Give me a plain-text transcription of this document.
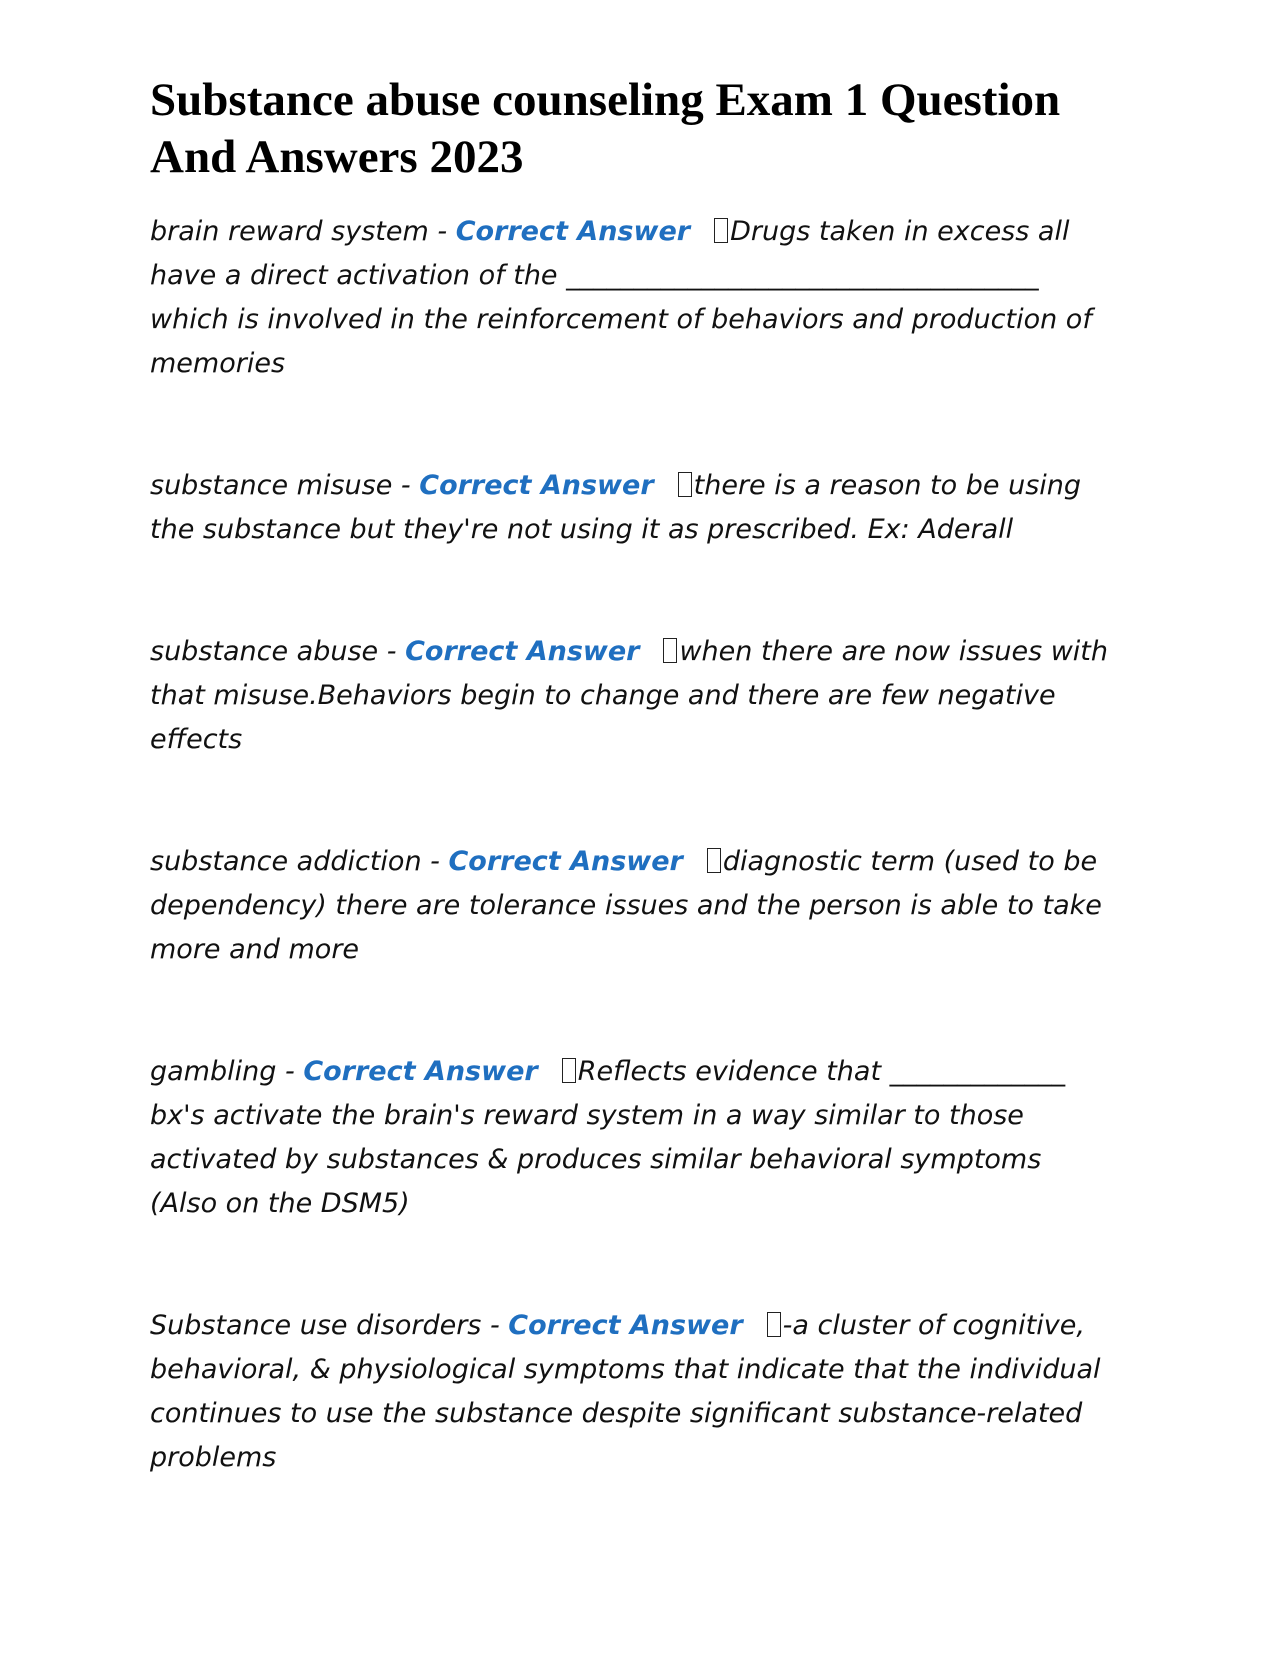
Substance abuse counseling Exam 1 Question And Answers 2023

brain reward system - Correct Answer Drugs taken in excess all have a direct activation of the ___________________________________ which is involved in the reinforcement of behaviors and production of memories

substance misuse - Correct Answer there is a reason to be using the substance but they're not using it as prescribed. Ex: Aderall

substance abuse - Correct Answer when there are now issues with that misuse.Behaviors begin to change and there are few negative effects

substance addiction - Correct Answer diagnostic term (used to be dependency) there are tolerance issues and the person is able to take more and more

gambling - Correct Answer Reflects evidence that _____________ bx's activate the brain's reward system in a way similar to those activated by substances & produces similar behavioral symptoms (Also on the DSM5)

Substance use disorders - Correct Answer -a cluster of cognitive, behavioral, & physiological symptoms that indicate that the individual continues to use the substance despite significant substance-related problems
